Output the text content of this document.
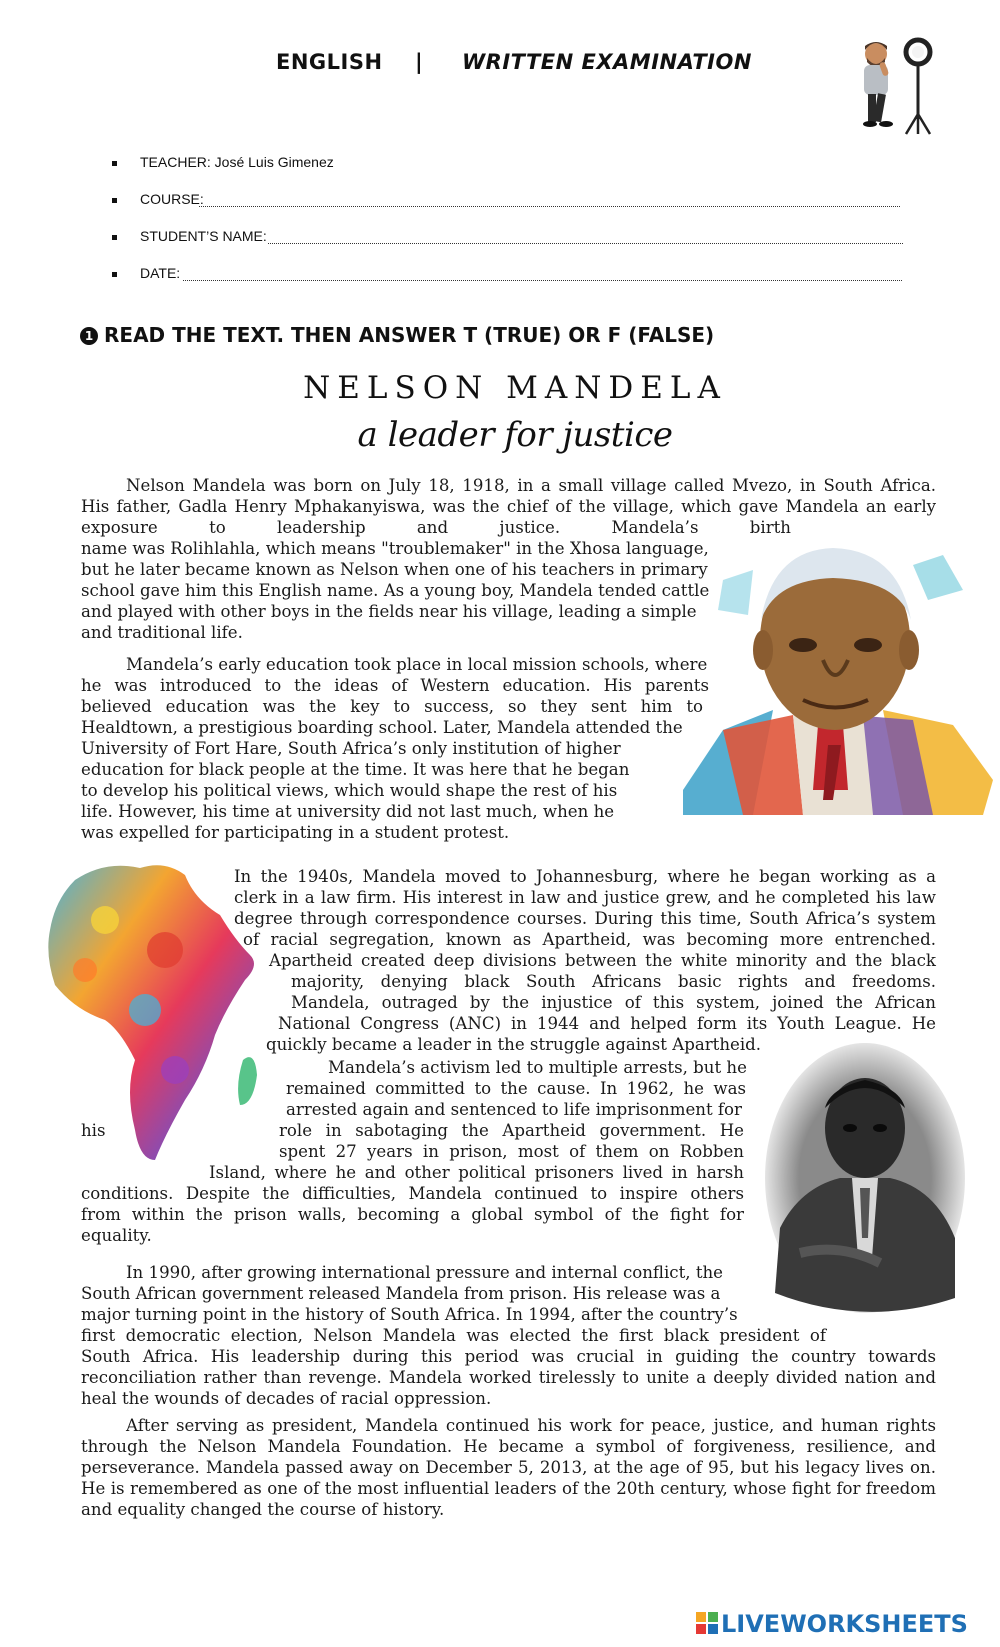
ENGLISH | WRITTEN EXAMINATION
TEACHER: José Luis Gimenez
COURSE:
STUDENT’S NAME:
DATE:
1 READ THE TEXT. THEN ANSWER T (TRUE) OR F (FALSE)
NELSON MANDELA
a leader for justice
Nelson Mandela was born on July 18, 1918, in a small village called Mvezo, in South Africa.
His father, Gadla Henry Mphakanyiswa, was the chief of the village, which gave Mandela an early
exposure to leadership and justice. Mandela’s birth
name was Rolihlahla, which means "troublemaker" in the Xhosa language,
but he later became known as Nelson when one of his teachers in primary
school gave him this English name. As a young boy, Mandela tended cattle
and played with other boys in the fields near his village, leading a simple
and traditional life.
Mandela’s early education took place in local mission schools, where
he was introduced to the ideas of Western education. His parents
believed education was the key to success, so they sent him to
Healdtown, a prestigious boarding school. Later, Mandela attended the
University of Fort Hare, South Africa’s only institution of higher
education for black people at the time. It was here that he began
to develop his political views, which would shape the rest of his
life. However, his time at university did not last much, when he
was expelled for participating in a student protest.
In the 1940s, Mandela moved to Johannesburg, where he began working as a
clerk in a law firm. His interest in law and justice grew, and he completed his law
degree through correspondence courses. During this time, South Africa’s system
of racial segregation, known as Apartheid, was becoming more entrenched.
Apartheid created deep divisions between the white minority and the black
majority, denying black South Africans basic rights and freedoms.
Mandela, outraged by the injustice of this system, joined the African
National Congress (ANC) in 1944 and helped form its Youth League. He
quickly became a leader in the struggle against Apartheid.
Mandela’s activism led to multiple arrests, but he
remained committed to the cause. In 1962, he was
arrested again and sentenced to life imprisonment for
his	role in sabotaging the Apartheid government. He
spent 27 years in prison, most of them on Robben
Island, where he and other political prisoners lived in harsh
conditions. Despite the difficulties, Mandela continued to inspire others
from within the prison walls, becoming a global symbol of the fight for
equality.
In 1990, after growing international pressure and internal conflict, the
South African government released Mandela from prison. His release was a
major turning point in the history of South Africa. In 1994, after the country’s
first democratic election, Nelson Mandela was elected the first black president of
South Africa. His leadership during this period was crucial in guiding the country towards
reconciliation rather than revenge. Mandela worked tirelessly to unite a deeply divided nation and
heal the wounds of decades of racial oppression.
After serving as president, Mandela continued his work for peace, justice, and human rights
through the Nelson Mandela Foundation. He became a symbol of forgiveness, resilience, and
perseverance. Mandela passed away on December 5, 2013, at the age of 95, but his legacy lives on.
He is remembered as one of the most influential leaders of the 20th century, whose fight for freedom
and equality changed the course of history.
LIVEWORKSHEETS
